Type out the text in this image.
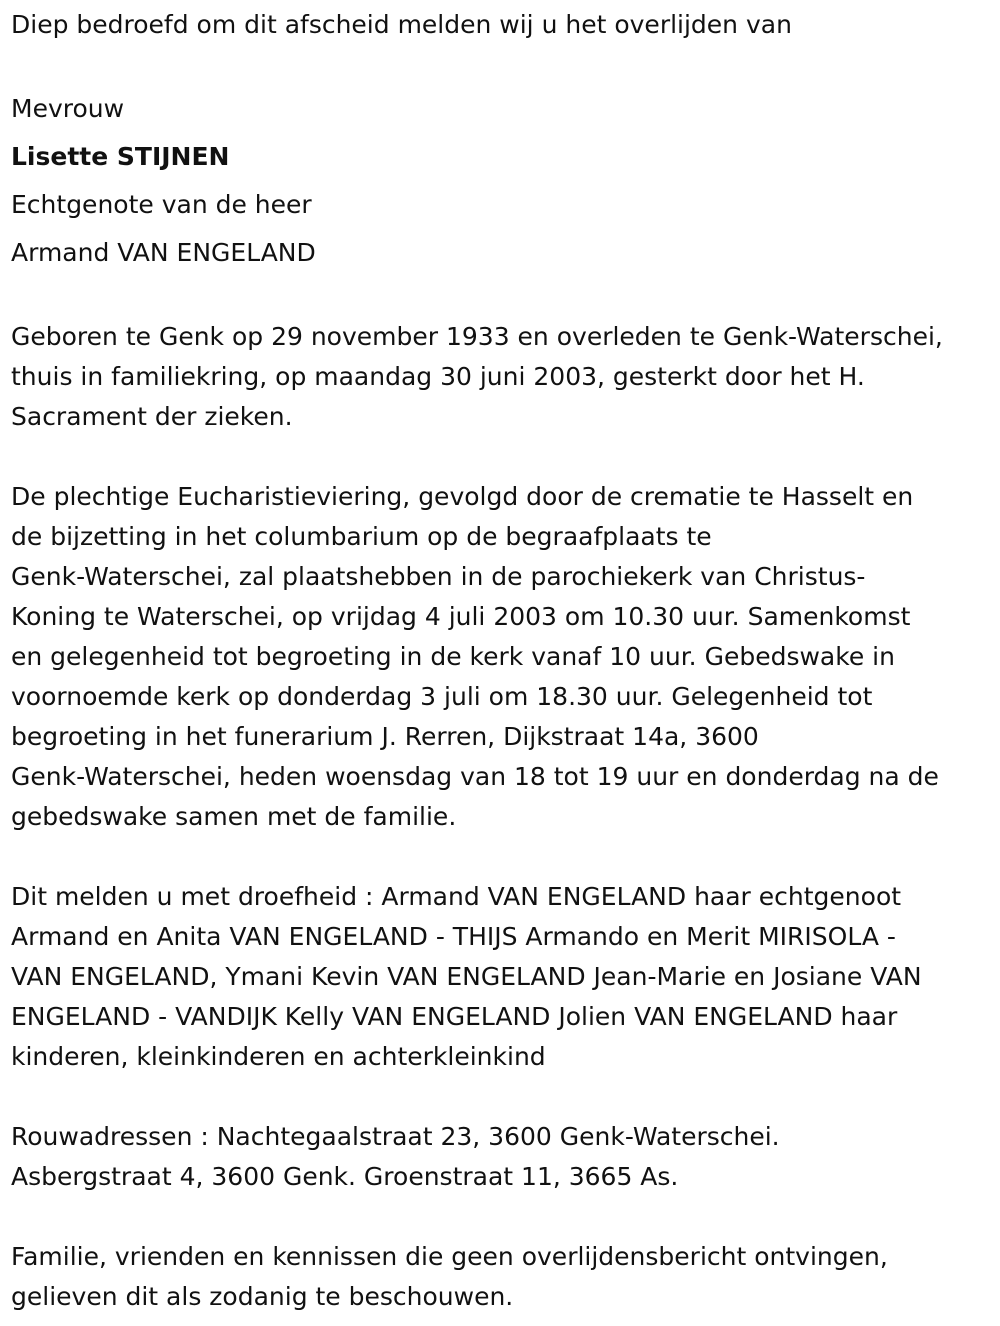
Diep bedroefd om dit afscheid melden wij u het overlijden van

Mevrouw
Lisette STIJNEN
Echtgenote van de heer
Armand VAN ENGELAND

Geboren te Genk op 29 november 1933 en overleden te Genk-Waterschei,
thuis in familiekring, op maandag 30 juni 2003, gesterkt door het H.
Sacrament der zieken.

De plechtige Eucharistieviering, gevolgd door de crematie te Hasselt en
de bijzetting in het columbarium op de begraafplaats te
Genk-Waterschei, zal plaatshebben in de parochiekerk van Christus-
Koning te Waterschei, op vrijdag 4 juli 2003 om 10.30 uur. Samenkomst
en gelegenheid tot begroeting in de kerk vanaf 10 uur. Gebedswake in
voornoemde kerk op donderdag 3 juli om 18.30 uur. Gelegenheid tot
begroeting in het funerarium J. Rerren, Dijkstraat 14a, 3600
Genk-Waterschei, heden woensdag van 18 tot 19 uur en donderdag na de
gebedswake samen met de familie.

Dit melden u met droefheid : Armand VAN ENGELAND haar echtgenoot
Armand en Anita VAN ENGELAND - THIJS Armando en Merit MIRISOLA -
VAN ENGELAND, Ymani Kevin VAN ENGELAND Jean-Marie en Josiane VAN
ENGELAND - VANDIJK Kelly VAN ENGELAND Jolien VAN ENGELAND haar
kinderen, kleinkinderen en achterkleinkind

Rouwadressen : Nachtegaalstraat 23, 3600 Genk-Waterschei.
Asbergstraat 4, 3600 Genk. Groenstraat 11, 3665 As.

Familie, vrienden en kennissen die geen overlijdensbericht ontvingen,
gelieven dit als zodanig te beschouwen.
